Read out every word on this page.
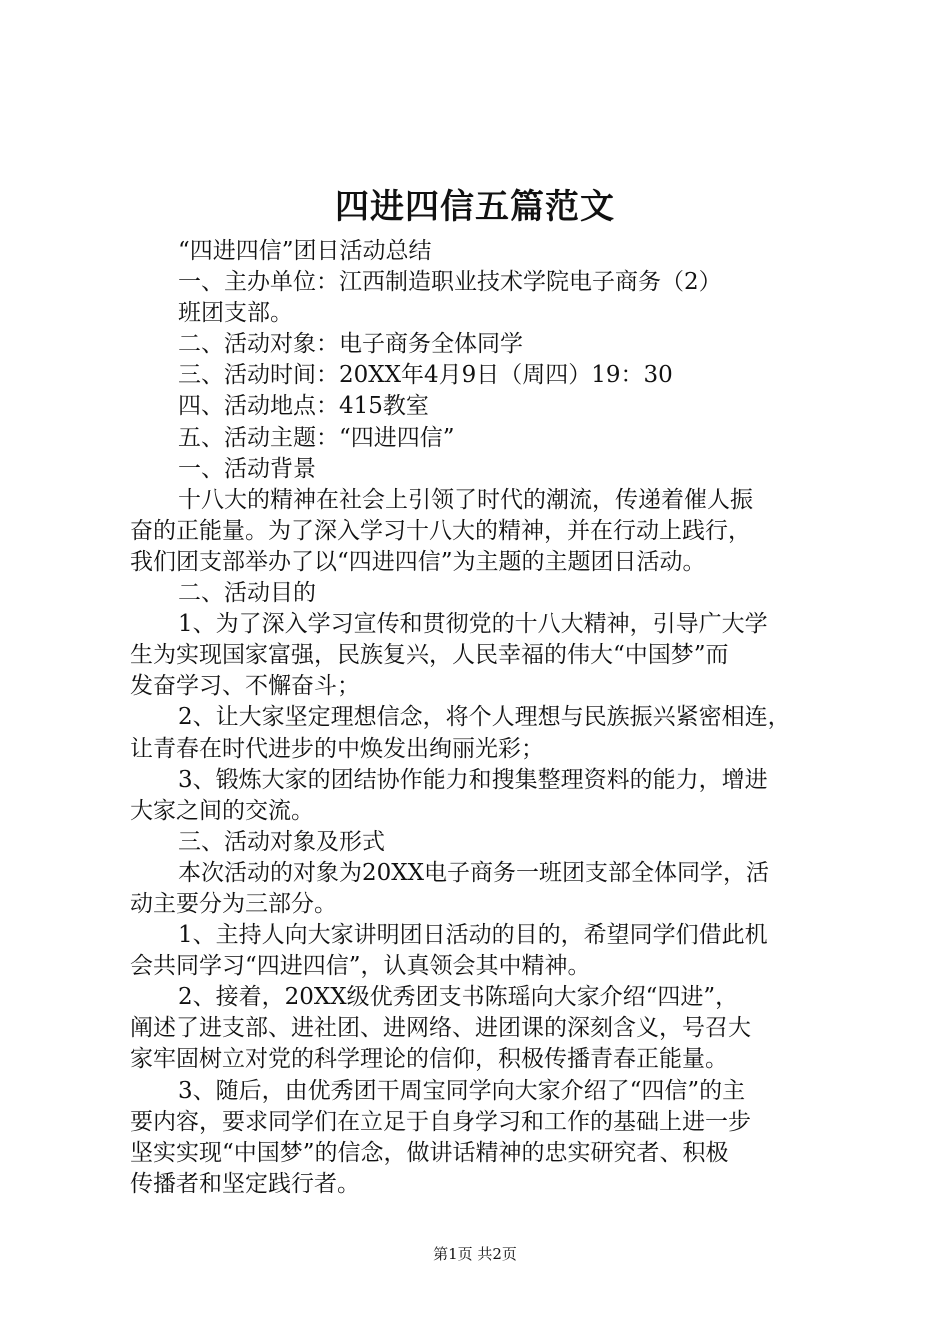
四进四信五篇范文

“四进四信”团日活动总结

一、主办单位：江西制造职业技术学院电子商务（2）

班团支部。

二、活动对象：电子商务全体同学

三、活动时间：20XX年4月9日（周四）19：30

四、活动地点：415教室

五、活动主题：“四进四信”

一、活动背景

十八大的精神在社会上引领了时代的潮流，传递着催人振

奋的正能量。为了深入学习十八大的精神，并在行动上践行，

我们团支部举办了以“四进四信”为主题的主题团日活动。

二、活动目的

1、为了深入学习宣传和贯彻党的十八大精神，引导广大学

生为实现国家富强，民族复兴，人民幸福的伟大“中国梦”而

发奋学习、不懈奋斗；

2、让大家坚定理想信念，将个人理想与民族振兴紧密相连，

让青春在时代进步的中焕发出绚丽光彩；

3、锻炼大家的团结协作能力和搜集整理资料的能力，增进

大家之间的交流。

三、活动对象及形式

本次活动的对象为20XX电子商务一班团支部全体同学，活

动主要分为三部分。

1、主持人向大家讲明团日活动的目的，希望同学们借此机

会共同学习“四进四信”，认真领会其中精神。

2、接着，20XX级优秀团支书陈瑶向大家介绍“四进”，

阐述了进支部、进社团、进网络、进团课的深刻含义，号召大

家牢固树立对党的科学理论的信仰，积极传播青春正能量。

3、随后，由优秀团干周宝同学向大家介绍了“四信”的主

要内容，要求同学们在立足于自身学习和工作的基础上进一步

坚实实现“中国梦”的信念，做讲话精神的忠实研究者、积极

传播者和坚定践行者。

第1页 共2页
